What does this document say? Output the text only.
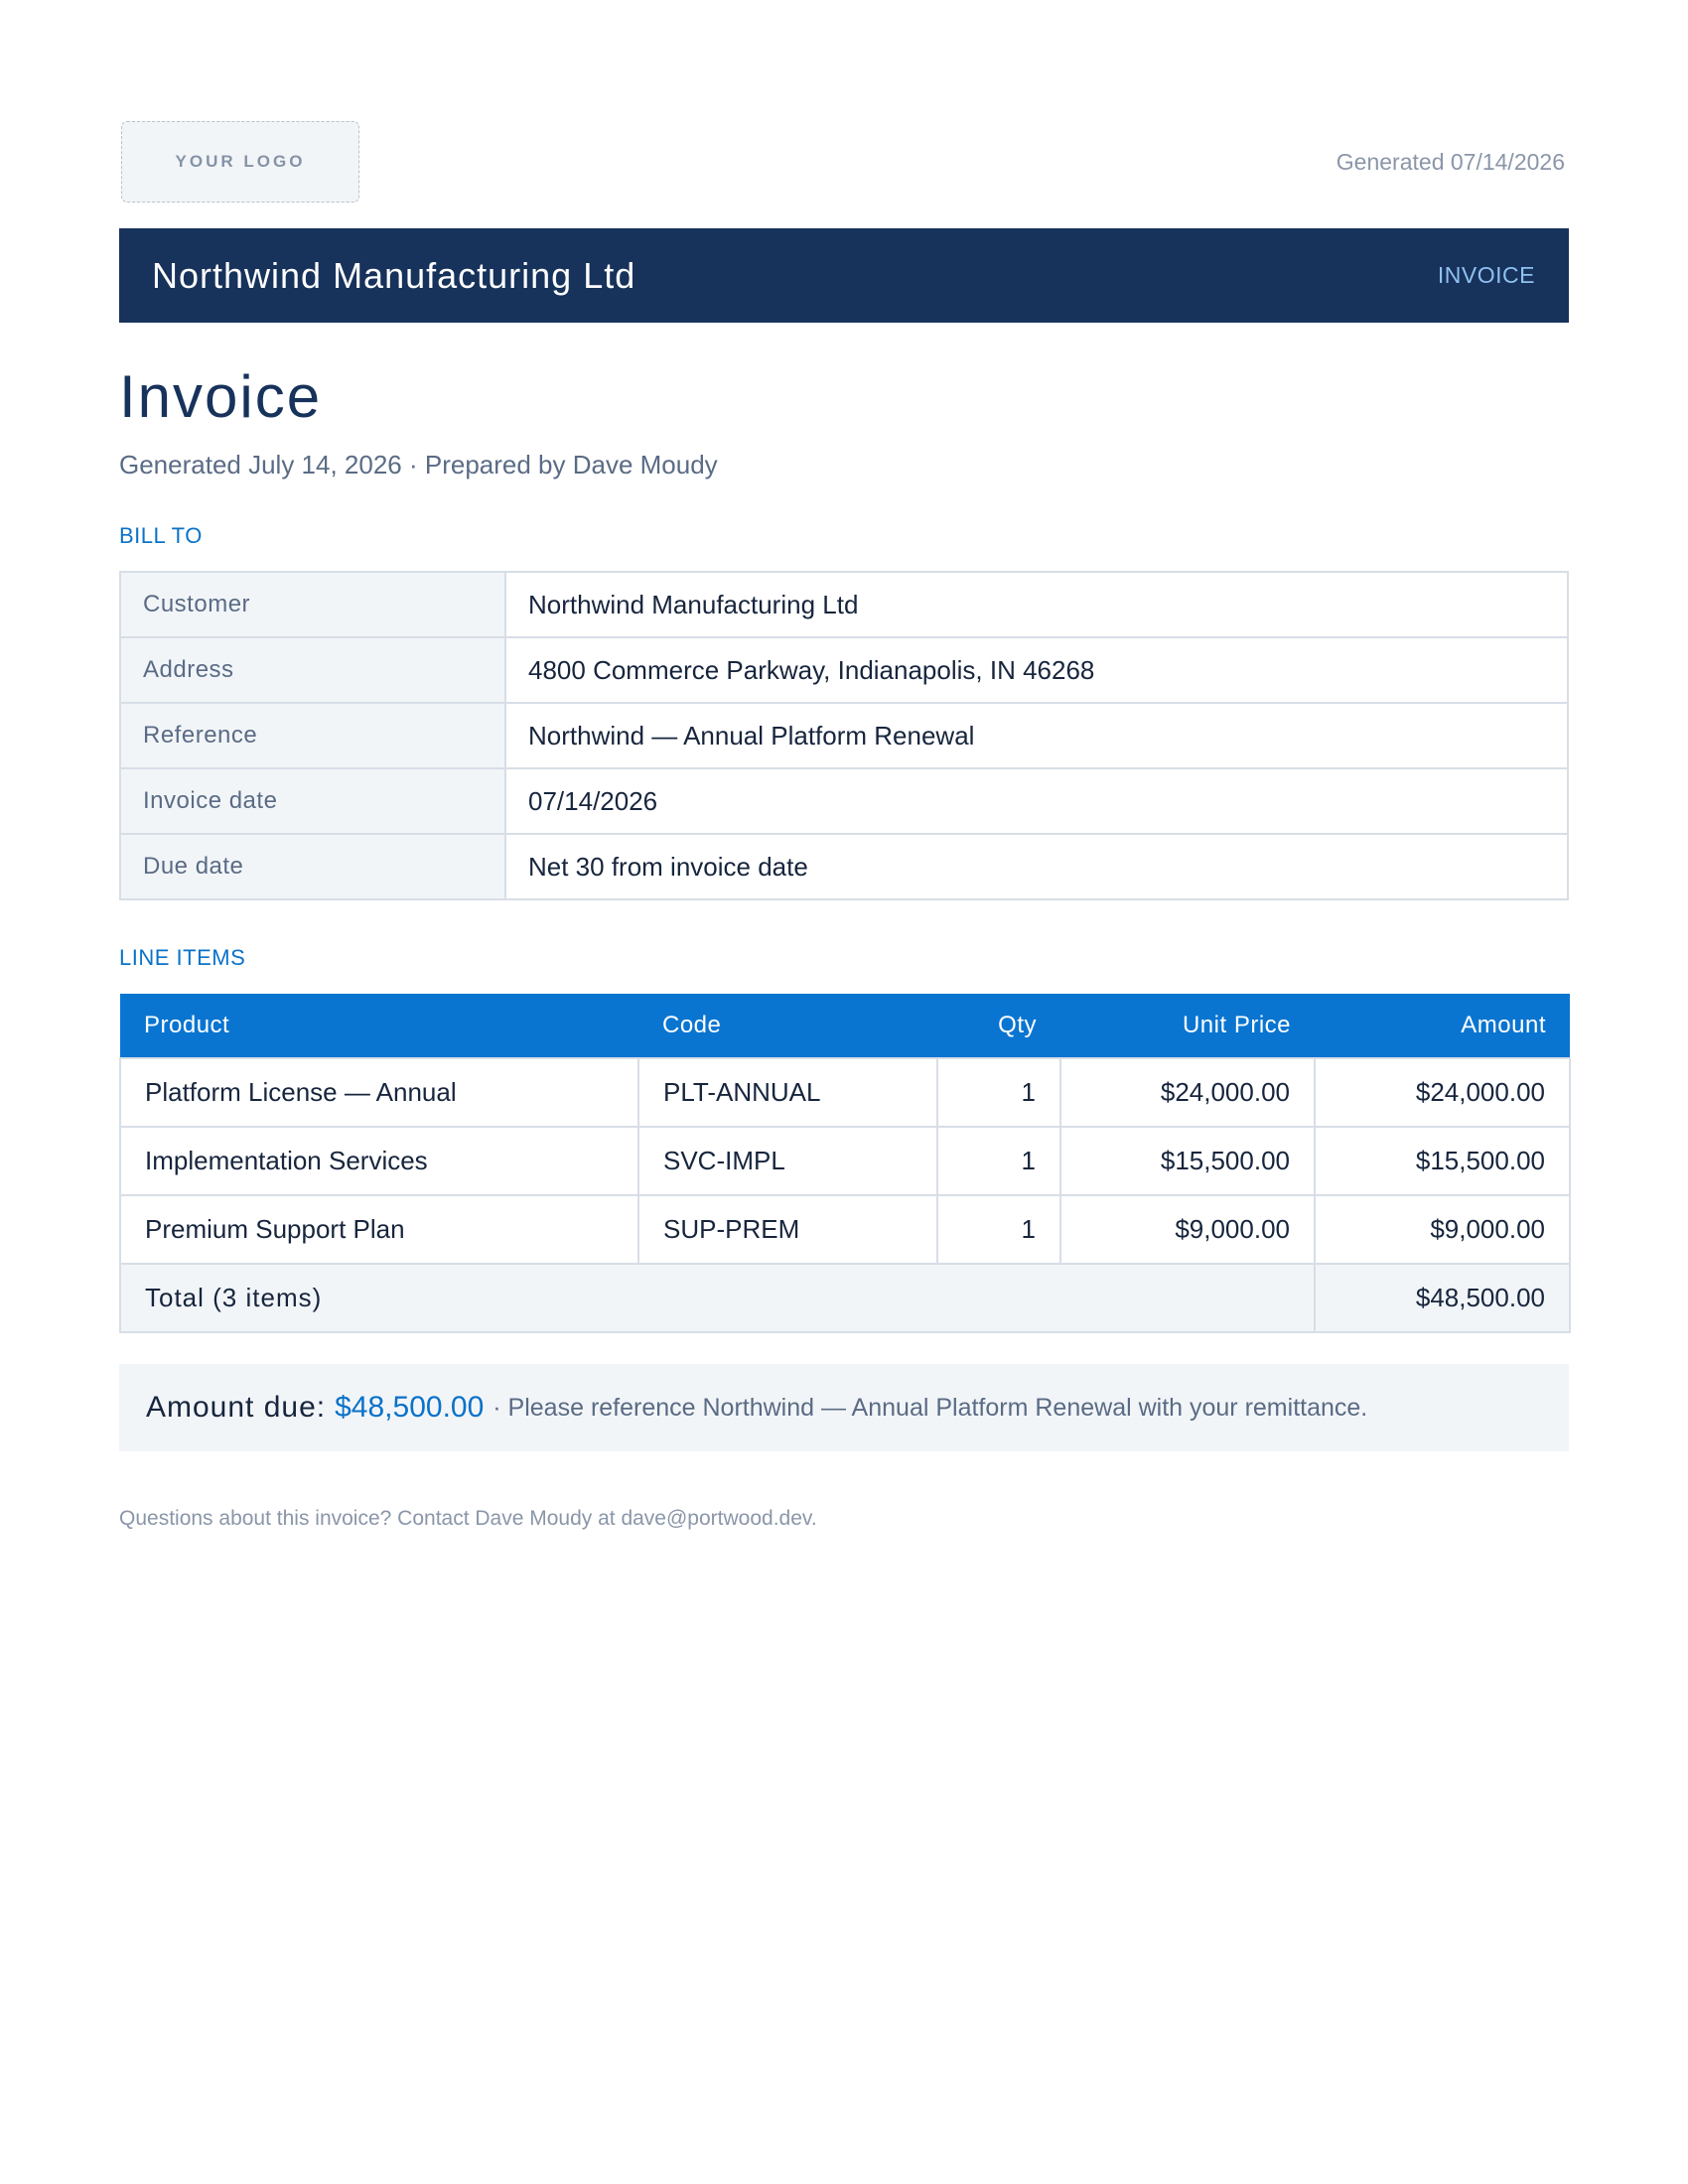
YOUR LOGO	Generated 07/14/2026
Northwind Manufacturing Ltd	INVOICE
Invoice
Generated July 14, 2026 · Prepared by Dave Moudy
BILL TO
Customer	Northwind Manufacturing Ltd
Address	4800 Commerce Parkway, Indianapolis, IN 46268
Reference	Northwind — Annual Platform Renewal
Invoice date	07/14/2026
Due date	Net 30 from invoice date
LINE ITEMS
Product	Code	Qty	Unit Price	Amount
Platform License — Annual	PLT-ANNUAL	1	$24,000.00	$24,000.00
Implementation Services	SVC-IMPL	1	$15,500.00	$15,500.00
Premium Support Plan	SUP-PREM	1	$9,000.00	$9,000.00
Total (3 items)				$48,500.00
Amount due: $48,500.00 · Please reference Northwind — Annual Platform Renewal with your remittance.
Questions about this invoice? Contact Dave Moudy at dave@portwood.dev.
